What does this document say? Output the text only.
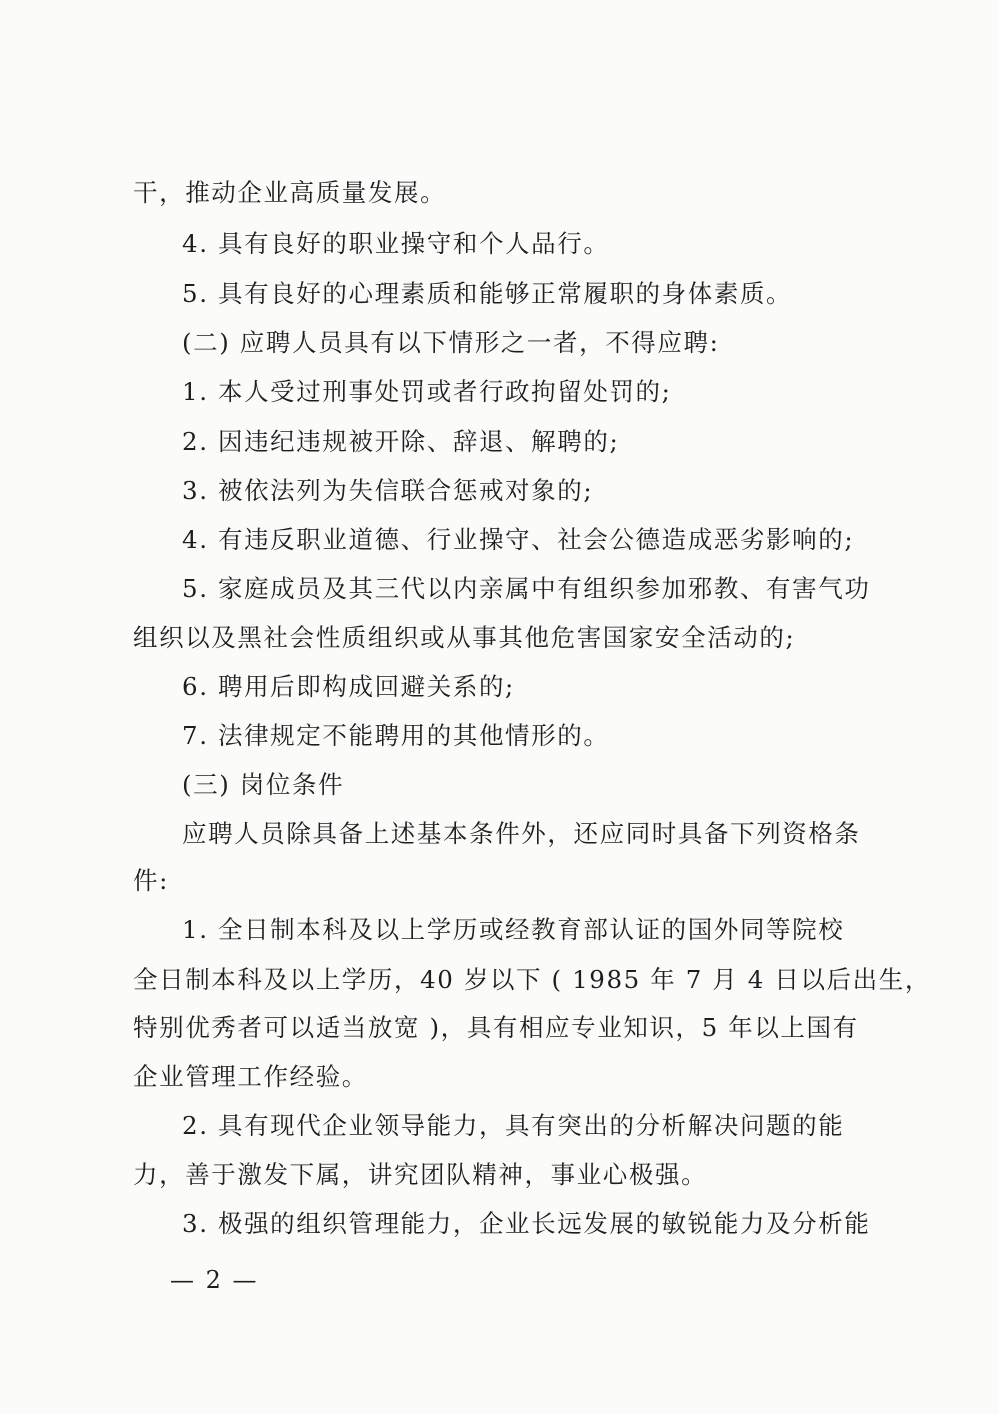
干，推动企业高质量发展。
4. 具有良好的职业操守和个人品行。
5. 具有良好的心理素质和能够正常履职的身体素质。
(二) 应聘人员具有以下情形之一者，不得应聘:
1. 本人受过刑事处罚或者行政拘留处罚的;
2. 因违纪违规被开除、辞退、解聘的;
3. 被依法列为失信联合惩戒对象的;
4. 有违反职业道德、行业操守、社会公德造成恶劣影响的;
5. 家庭成员及其三代以内亲属中有组织参加邪教、有害气功
组织以及黑社会性质组织或从事其他危害国家安全活动的;
6. 聘用后即构成回避关系的;
7. 法律规定不能聘用的其他情形的。
(三) 岗位条件
应聘人员除具备上述基本条件外，还应同时具备下列资格条
件:
1. 全日制本科及以上学历或经教育部认证的国外同等院校
全日制本科及以上学历，40 岁以下 ( 1985 年 7 月 4 日以后出生，
特别优秀者可以适当放宽 )，具有相应专业知识，5 年以上国有
企业管理工作经验。
2. 具有现代企业领导能力，具有突出的分析解决问题的能
力，善于激发下属，讲究团队精神，事业心极强。
3. 极强的组织管理能力，企业长远发展的敏锐能力及分析能
— 2 —
